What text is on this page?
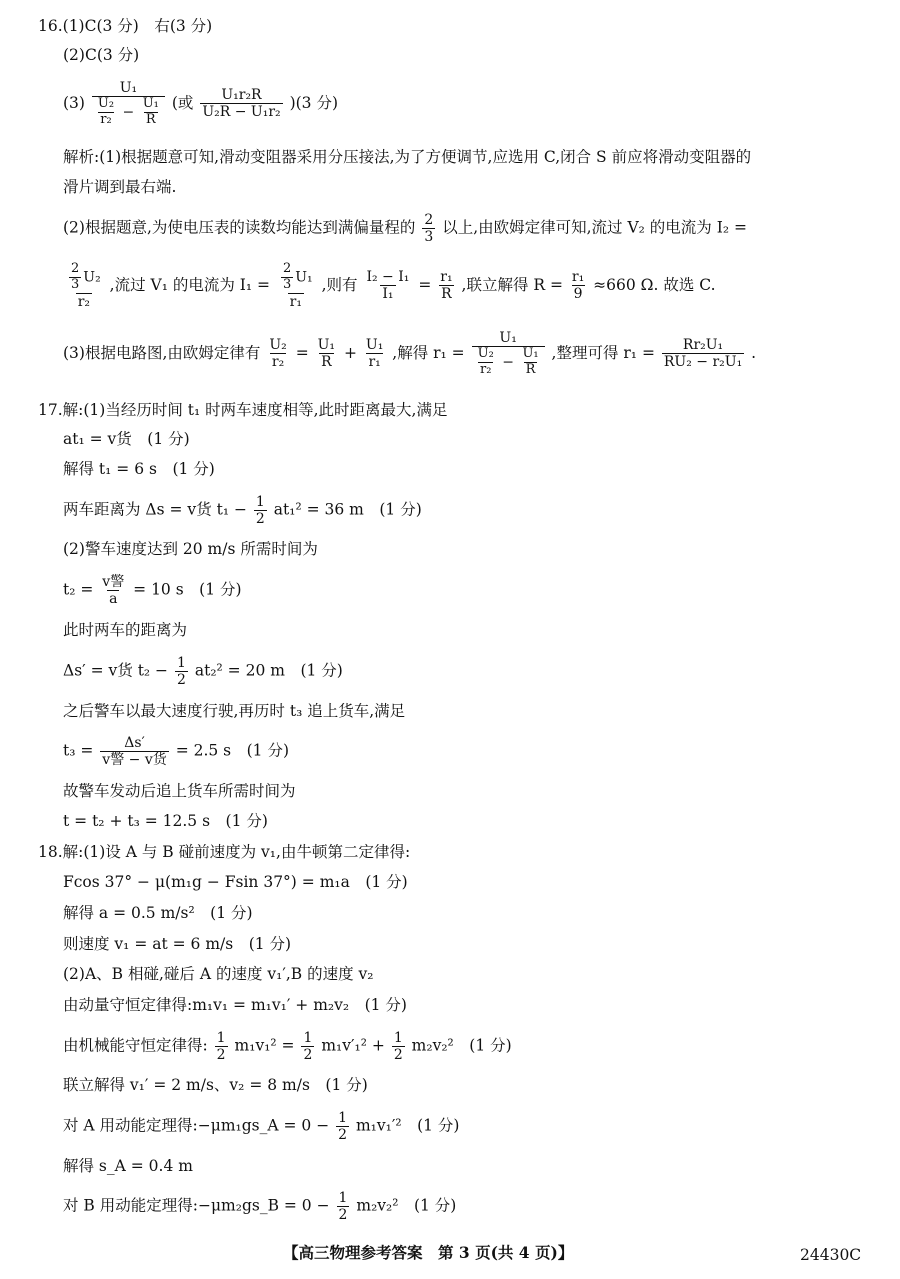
16.(1)C(3 分)　右(3 分)
(2)C(3 分)
$(3) \frac{\text{U₁}}{\frac{\text{U₂}}{\text{r₂}} - \frac{\text{U₁}}{R}}$ (或 $\frac{\text{U₁r₂R}}{\text{U₂R − U₁r₂}} )(3$ 分)
解析:(1)根据题意可知,滑动变阻器采用分压接法,为了方便调节,应选用 C,闭合 S 前应将滑动变阻器的
滑片调到最右端.
(2)根据题意,为使电压表的读数均能达到满偏量程的 $\frac{2}{3}$ 以上,由欧姆定律可知,流过 V₂ 的电流为 I₂ =
$\frac{\frac{2}{3} U_2}{\text{r₂}}$ ,流过 V₁ 的电流为 $I_1 = \frac{\frac{2}{3} U_1}{\text{r₁}}$ ,则有 $\frac{\text{I₂ − I₁}}{\text{I₁}} = \frac{\text{r₁}}{R}$ ,联立解得 $R = \frac{\text{r₁}}{9} \approx 660$ Ω. 故选 C.
(3)根据电路图,由欧姆定律有 $\frac{\text{U₂}}{\text{r₂}} = \frac{\text{U₁}}{R} + \frac{\text{U₁}}{\text{r₁}}$ ,解得 $r_1 = \frac{\text{U₁}}{\frac{\text{U₂}}{\text{r₂}} - \frac{\text{U₁}}{R}}$ ,整理可得 $r_1 = \frac{\text{Rr₂U₁}}{\text{RU₂ − r₂U₁}}$ .
17.解:(1)当经历时间 t₁ 时两车速度相等,此时距离最大,满足
at₁ = v货　(1 分)
解得 t₁ = 6 s　(1 分)
两车距离为 Δs = v货 $t_1 - \frac{1}{2} at_1^2 = 36$ m　(1 分)
(2)警车速度达到 20 m/s 所需时间为
$t_2 = \frac{\text{v警}}{a} = 10$ s　(1 分)
此时两车的距离为
Δs′ = v货 $t_2 - \frac{1}{2} at_2^2 = 20$ m　(1 分)
之后警车以最大速度行驶,再历时 t₃ 追上货车,满足
$t_3 = \frac{\Delta s'}{\text{v警 − v货}} = 2.5$ s　(1 分)
故警车发动后追上货车所需时间为
t = t₂ + t₃ = 12.5 s　(1 分)
18.解:(1)设 A 与 B 碰前速度为 v₁,由牛顿第二定律得:
Fcos 37° − μ(m₁g − Fsin 37°) = m₁a　(1 分)
解得 a = 0.5 m/s²　(1 分)
则速度 v₁ = at = 6 m/s　(1 分)
(2)A、B 相碰,碰后 A 的速度 v₁′,B 的速度 v₂
由动量守恒定律得:m₁v₁ = m₁v₁′ + m₂v₂　(1 分)
由机械能守恒定律得: $\frac{1}{2} m_1v_1^2 = \frac{1}{2} m_1v'_1^2 + \frac{1}{2} m_2v_2^2$　(1 分)
联立解得 v₁′ = 2 m/s、v₂ = 8 m/s　(1 分)
对 A 用动能定理得:−μm₁gs_A = $0 - \frac{1}{2} m_1v_1'^2$　(1 分)
解得 s_A = 0.4 m
对 B 用动能定理得:−μm₂gs_B = $0 - \frac{1}{2} m_2v_2^2$　(1 分)
【高三物理参考答案　第 3 页(共 4 页)】	24430C
